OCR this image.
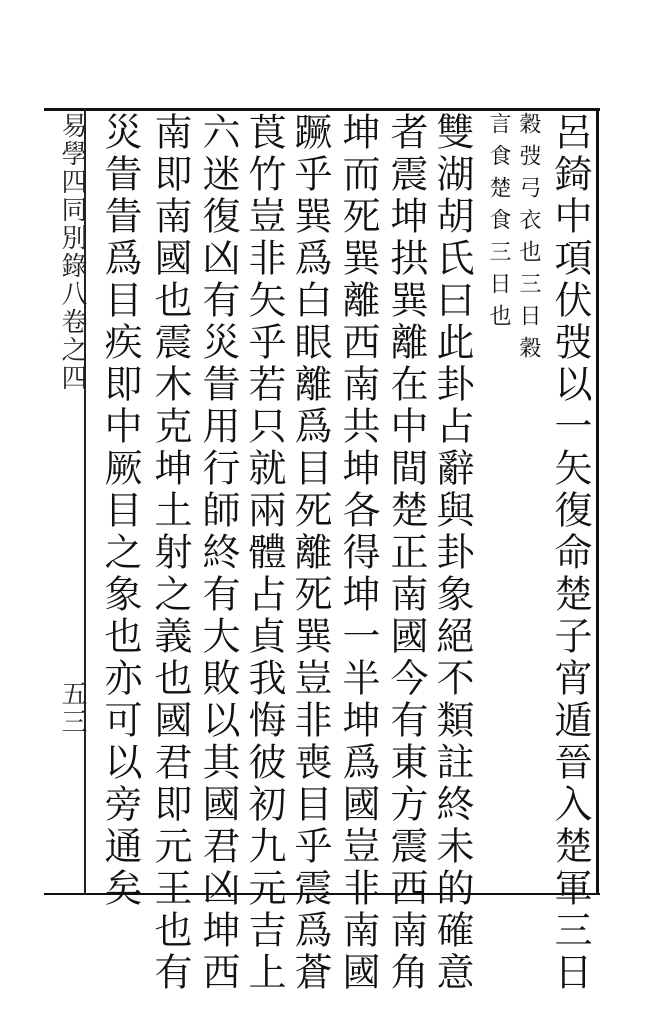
呂錡中項伏弢以一矢復命楚子宵遁晉入楚軍三日
穀弢弓衣也三日穀
言食楚食三日也
雙湖胡氏曰此卦占辭與卦象絕不類註終未的確意
者震坤拱巽離在中間楚正南國今有東方震西南角
坤而死巽離西南共坤各得坤一半坤爲國豈非南國
蹶乎巽爲白眼離爲目死離死巽豈非喪目乎震爲蒼
莨竹豈非矢乎若只就兩體占貞我悔彼初九元吉上
六迷復凶有災眚用行師終有大敗以其國君凶坤西
南即南國也震木克坤土射之義也國君即元王也有
災眚眚爲目疾即中厥目之象也亦可以旁通矣
易學四同別錄八卷之四
五三
